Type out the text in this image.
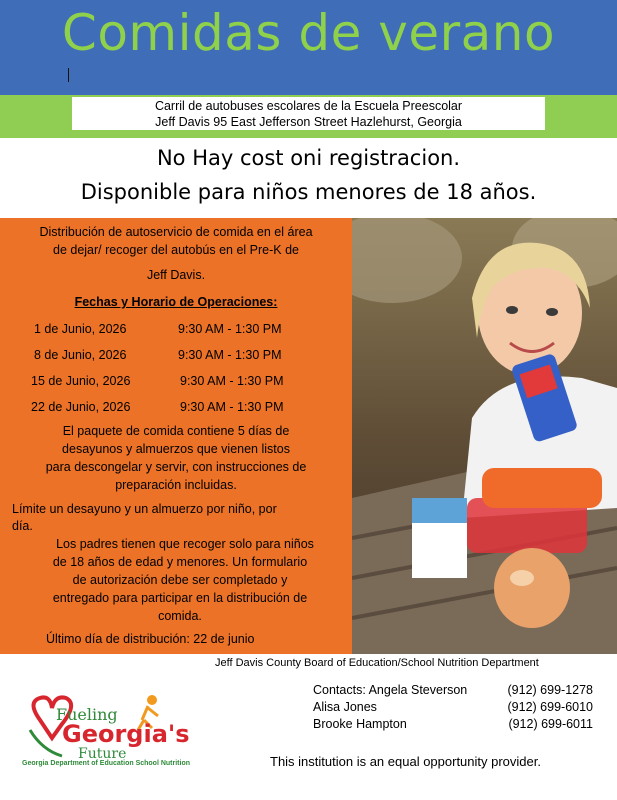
Comidas de verano
Carril de autobuses escolares de la Escuela Preescolar
Jeff Davis 95 East Jefferson Street Hazlehurst, Georgia
No Hay cost oni registracion.
Disponible para niños menores de 18 años.
Distribución de autoservicio de comida en el área
de dejar/ recoger del autobús en el Pre-K de
Jeff Davis.
Fechas y Horario de Operaciones:
1 de Junio, 2026	9:30 AM - 1:30 PM
8 de Junio, 2026	9:30 AM - 1:30 PM
15 de Junio, 2026	9:30 AM - 1:30 PM
22 de Junio, 2026	9:30 AM - 1:30 PM
El paquete de comida contiene 5 días de
desayunos y almuerzos que vienen listos
para descongelar y servir, con instrucciones de
preparación incluidas.
Límite un desayuno y un almuerzo por niño, por
día.
Los padres tienen que recoger solo para niños
de 18 años de edad y menores. Un formulario
de autorización debe ser completado y
entregado para participar en la distribución de
comida.
Último día de distribución: 22 de junio
Jeff Davis County Board of Education/School Nutrition Department
Contacts: Angela Steverson	(912) 699-1278
Alisa Jones	(912) 699-6010
Brooke Hampton	(912) 699-6011
This institution is an equal opportunity provider.
Fueling
Georgia's
Future
Georgia Department of Education School Nutrition
